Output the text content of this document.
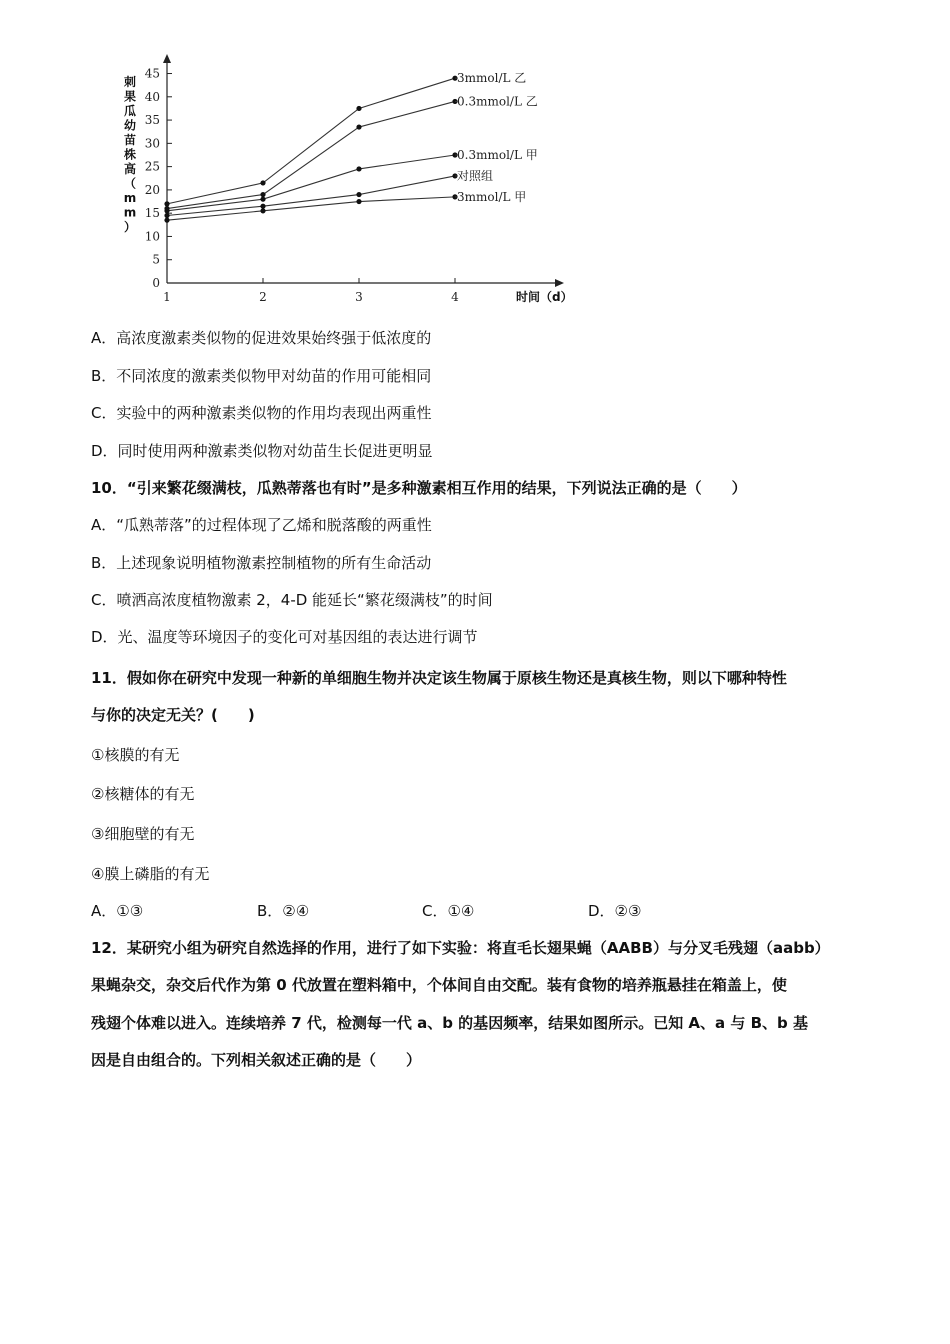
0
5
10
15
20
25
30
35
40
45
1	2	3	4
刺
果
瓜
幼
苗
株
高
（
m
m
）
时间（d）
3mmol/L 乙
0.3mmol/L 乙
0.3mmol/L 甲
对照组
3mmol/L 甲
A．高浓度激素类似物的促进效果始终强于低浓度的
B．不同浓度的激素类似物甲对幼苗的作用可能相同
C．实验中的两种激素类似物的作用均表现出两重性
D．同时使用两种激素类似物对幼苗生长促进更明显
10．“引来繁花缀满枝，瓜熟蒂落也有时”是多种激素相互作用的结果，下列说法正确的是（　　）
A．“瓜熟蒂落”的过程体现了乙烯和脱落酸的两重性
B．上述现象说明植物激素控制植物的所有生命活动
C．喷洒高浓度植物激素 2，4-D 能延长“繁花缀满枝”的时间
D．光、温度等环境因子的变化可对基因组的表达进行调节
11．假如你在研究中发现一种新的单细胞生物并决定该生物属于原核生物还是真核生物，则以下哪种特性
与你的决定无关？(　　)
①核膜的有无
②核糖体的有无
③细胞壁的有无
④膜上磷脂的有无
A．①③	B．②④	C．①④	D．②③
12．某研究小组为研究自然选择的作用，进行了如下实验：将直毛长翅果蝇（AABB）与分叉毛残翅（aabb）
果蝇杂交，杂交后代作为第 0 代放置在塑料箱中，个体间自由交配。装有食物的培养瓶悬挂在箱盖上，使
残翅个体难以进入。连续培养 7 代，检测每一代 a、b 的基因频率，结果如图所示。已知 A、a 与 B、b 基
因是自由组合的。下列相关叙述正确的是（　　）
